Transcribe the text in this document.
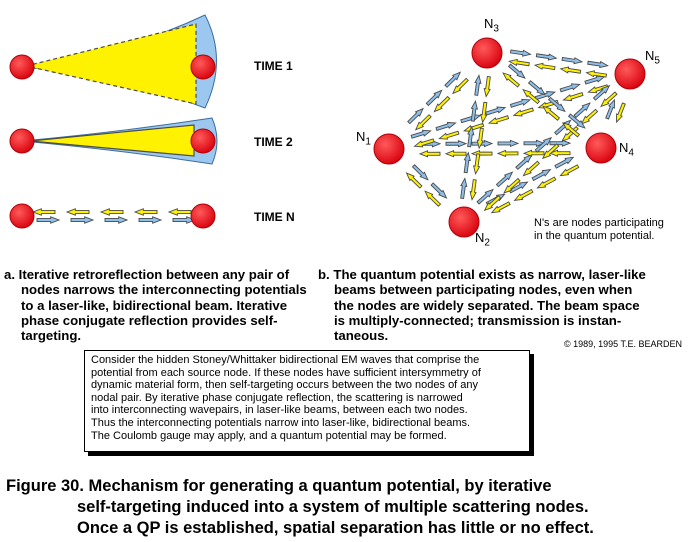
TIME 1
TIME 2
TIME N
$N_1$
$N_2$
$N_3$
$N_4$
$N_5$
N's are nodes participating
in the quantum potential.
a. Iterative retroreflection between any pair of
nodes narrows the interconnecting potentials
to a laser-like, bidirectional beam. Iterative
phase conjugate reflection provides self-
targeting.
b. The quantum potential exists as narrow, laser-like
beams between participating nodes, even when
the nodes are widely separated. The beam space
is multiply-connected; transmission is instan-
taneous.
© 1989, 1995 T.E. BEARDEN
Consider the hidden Stoney/Whittaker bidirectional EM waves that comprise the
potential from each source node. If these nodes have sufficient intersymmetry of
dynamic material form, then self-targeting occurs between the two nodes of any
nodal pair. By iterative phase conjugate reflection, the scattering is narrowed
into interconnecting wavepairs, in laser-like beams, between each two nodes.
Thus the interconnecting potentials narrow into laser-like, bidirectional beams.
The Coulomb gauge may apply, and a quantum potential may be formed.
Figure 30. Mechanism for generating a quantum potential, by iterative
self-targeting induced into a system of multiple scattering nodes.
Once a QP is established, spatial separation has little or no effect.
